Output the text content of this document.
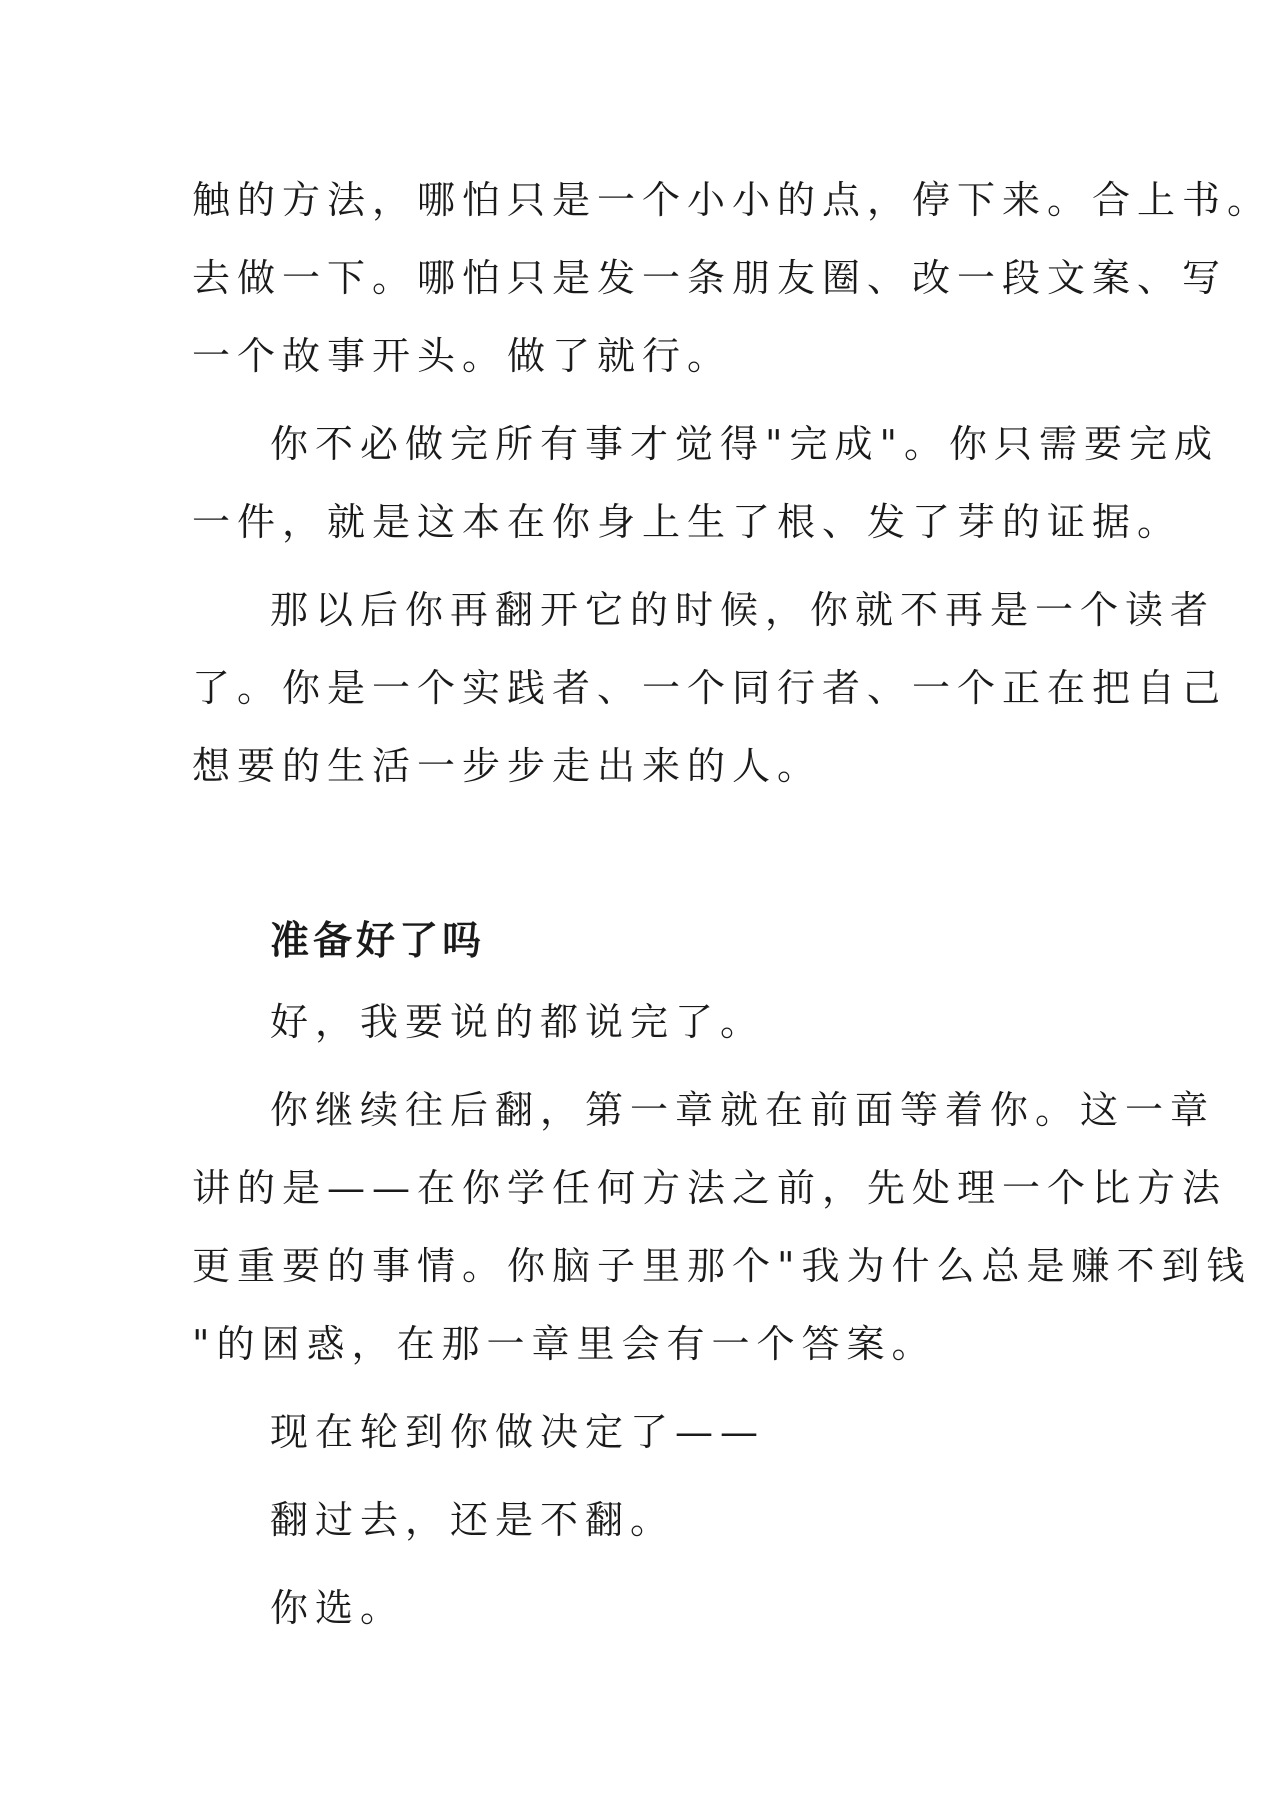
触的方法，哪怕只是一个小小的点，停下来。合上书。
去做一下。哪怕只是发一条朋友圈、改一段文案、写
一个故事开头。做了就行。
你不必做完所有事才觉得"完成"。你只需要完成
一件，就是这本在你身上生了根、发了芽的证据。
那以后你再翻开它的时候，你就不再是一个读者
了。你是一个实践者、一个同行者、一个正在把自己
想要的生活一步步走出来的人。
准备好了吗
好，我要说的都说完了。
你继续往后翻，第一章就在前面等着你。这一章
讲的是——在你学任何方法之前，先处理一个比方法
更重要的事情。你脑子里那个"我为什么总是赚不到钱
"的困惑，在那一章里会有一个答案。
现在轮到你做决定了——
翻过去，还是不翻。
你选。
